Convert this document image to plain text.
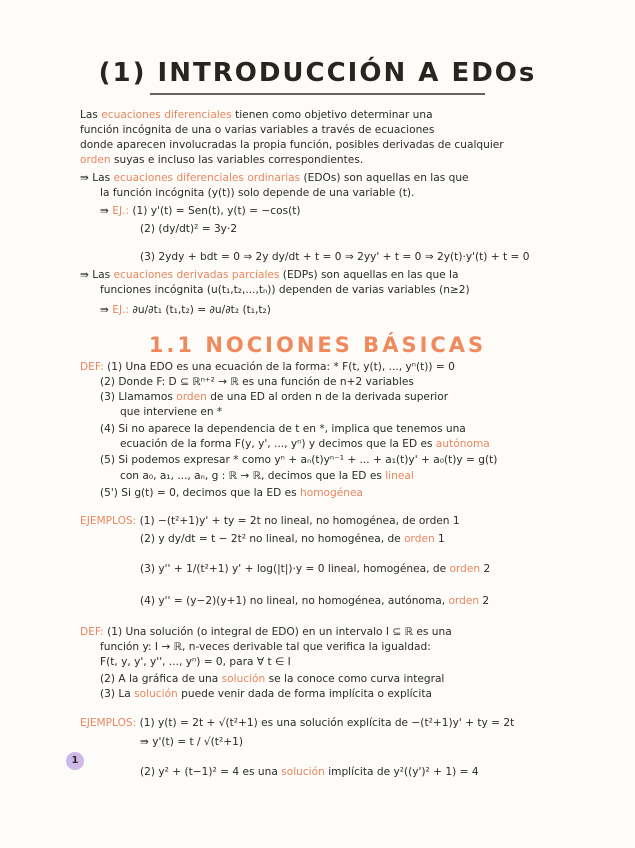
(1) INTRODUCCIÓN A EDOs
Las ecuaciones diferenciales tienen como objetivo determinar una
función incógnita de una o varias variables a través de ecuaciones
donde aparecen involucradas la propia función, posibles derivadas de cualquier
orden suyas e incluso las variables correspondientes.
⇛ Las ecuaciones diferenciales ordinarias (EDOs) son aquellas en las que
la función incógnita (y(t)) solo depende de una variable (t).
⇛ EJ.: (1) y'(t) = Sen(t), y(t) = −cos(t)
(2) (dy/dt)² = 3y·2
(3) 2ydy + bdt = 0 ⇒ 2y dy/dt + t = 0 ⇒ 2yy' + t = 0 ⇒ 2y(t)·y'(t) + t = 0
⇛ Las ecuaciones derivadas parciales (EDPs) son aquellas en las que la
funciones incógnita (u(t₁,t₂,...,tₙ)) dependen de varias variables (n≥2)
⇛ EJ.: ∂u/∂t₁ (t₁,t₂) = ∂u/∂t₂ (t₁,t₂)
1.1 NOCIONES BÁSICAS
DEF: (1) Una EDO es una ecuación de la forma: * F(t, y(t), ..., yⁿ(t)) = 0
(2) Donde F: D ⊆ ℝⁿ⁺² → ℝ es una función de n+2 variables
(3) Llamamos orden de una ED al orden n de la derivada superior
que interviene en *
(4) Si no aparece la dependencia de t en *, implica que tenemos una
ecuación de la forma F(y, y', ..., yⁿ) y decimos que la ED es autónoma
(5) Si podemos expresar * como yⁿ + aₙ(t)yⁿ⁻¹ + ... + a₁(t)y' + a₀(t)y = g(t)
con a₀, a₁, ..., aₙ, g : ℝ → ℝ, decimos que la ED es lineal
(5') Si g(t) = 0, decimos que la ED es homogénea
EJEMPLOS: (1) −(t²+1)y' + ty = 2t no lineal, no homogénea, de orden 1
(2) y dy/dt = t − 2t² no lineal, no homogénea, de orden 1
(3) y'' + 1/(t²+1) y' + log(|t|)·y = 0 lineal, homogénea, de orden 2
(4) y'' = (y−2)(y+1) no lineal, no homogénea, autónoma, orden 2
DEF: (1) Una solución (o integral de EDO) en un intervalo I ⊆ ℝ es una
función y: I → ℝ, n-veces derivable tal que verifica la igualdad:
F(t, y, y', y'', ..., yⁿ) = 0, para ∀ t ∈ I
(2) A la gráfica de una solución se la conoce como curva integral
(3) La solución puede venir dada de forma implícita o explícita
EJEMPLOS: (1) y(t) = 2t + √(t²+1) es una solución explícita de −(t²+1)y' + ty = 2t
⇛ y'(t) = t / √(t²+1)
(2) y² + (t−1)² = 4 es una solución implícita de y²((y')² + 1) = 4
1
